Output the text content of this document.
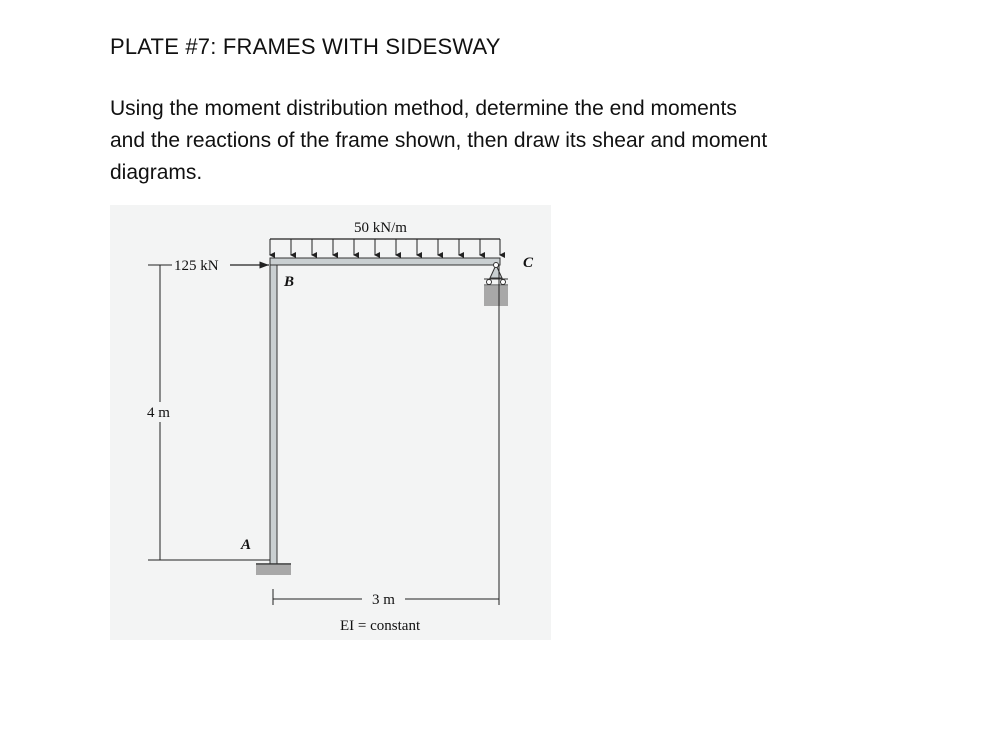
PLATE #7: FRAMES WITH SIDESWAY
Using the moment distribution method, determine the end moments
and the reactions of the frame shown, then draw its shear and moment
diagrams.
50 kN/m
125 kN
4 m
3 m
EI = constant
A
B
C
